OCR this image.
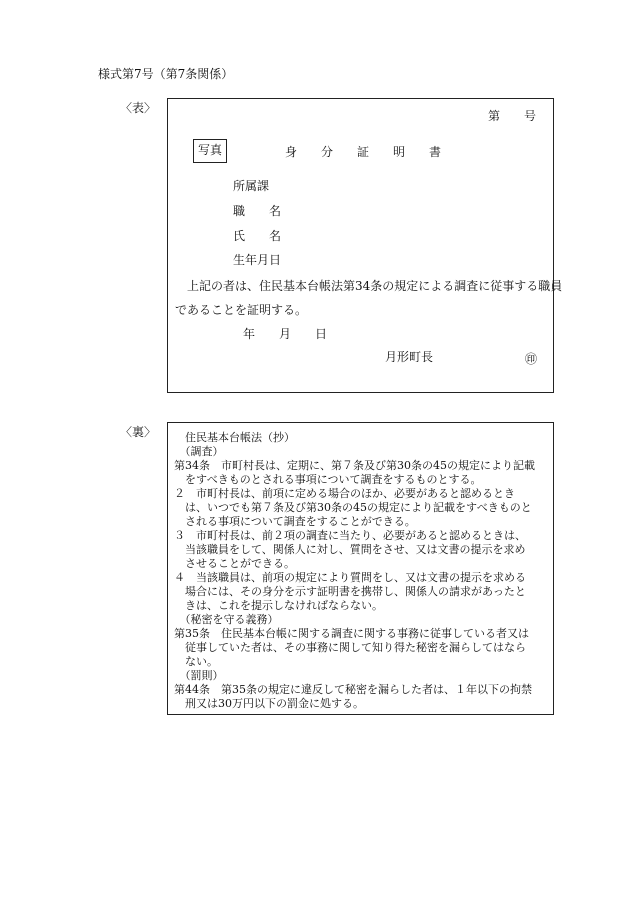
様式第7号（第7条関係）
〈表〉
第　　号
写真	身　　分　　証　　明　　書
所属課
職　　名
氏　　名
生年月日
　上記の者は、住民基本台帳法第34条の規定による調査に従事する職員
であることを証明する。
年　　月　　日
月形町長	㊞
〈裏〉 　住民基本台帳法（抄）
　（調査）
第34条　市町村長は、定期に、第７条及び第30条の45の規定により記載
　をすべきものとされる事項について調査をするものとする。
２　市町村長は、前項に定める場合のほか、必要があると認めるとき
　は、いつでも第７条及び第30条の45の規定により記載をすべきものと
　される事項について調査をすることができる。
３　市町村長は、前２項の調査に当たり、必要があると認めるときは、
　当該職員をして、関係人に対し、質問をさせ、又は文書の提示を求め
　させることができる。
４　当該職員は、前項の規定により質問をし、又は文書の提示を求める
　場合には、その身分を示す証明書を携帯し、関係人の請求があったと
　きは、これを提示しなければならない。
　（秘密を守る義務）
第35条　住民基本台帳に関する調査に関する事務に従事している者又は
　従事していた者は、その事務に関して知り得た秘密を漏らしてはなら
　ない。
　（罰則）
第44条　第35条の規定に違反して秘密を漏らした者は、１年以下の拘禁
　刑又は30万円以下の罰金に処する。
